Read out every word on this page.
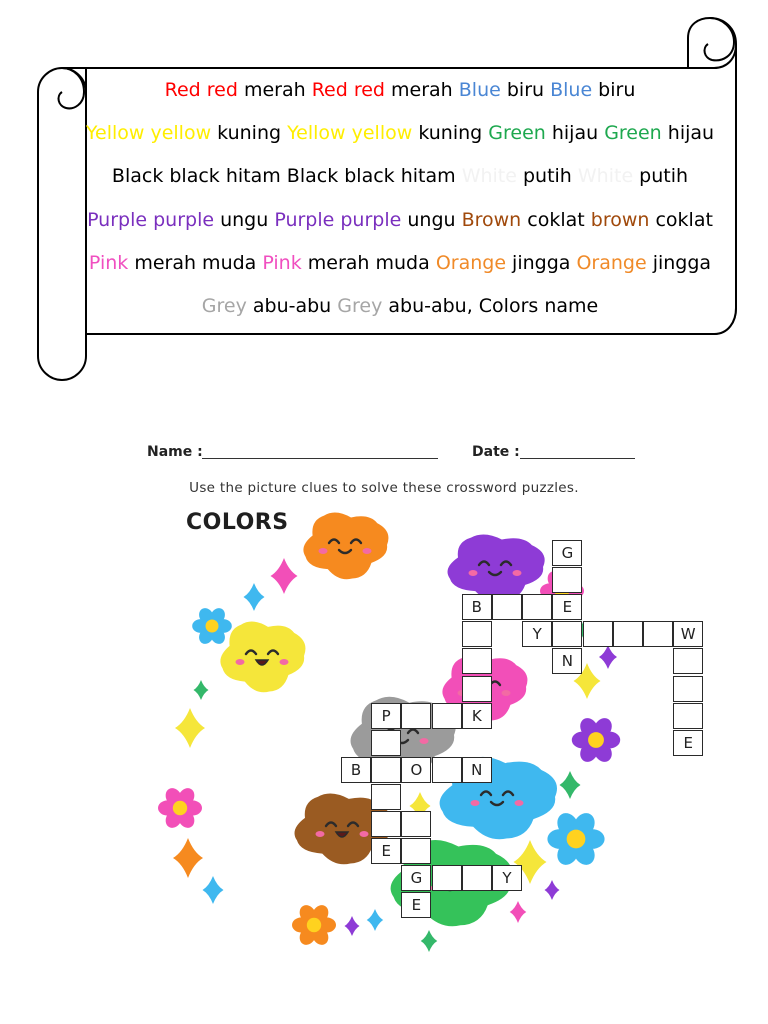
Red red merah Red red merah Blue biru Blue biru
Yellow yellow kuning Yellow yellow kuning Green hijau Green hijau
Black black hitam Black black hitam White putih White putih
Purple purple ungu Purple purple ungu Brown coklat brown coklat
Pink merah muda Pink merah muda Orange jingga Orange jingga
Grey abu-abu Grey abu-abu, Colors name
Name :	Date :
Use the picture clues to solve these crossword puzzles.
COLORS
G
B	E
Y	W
N
P	K
E
B	O	N
E
G	Y
E
